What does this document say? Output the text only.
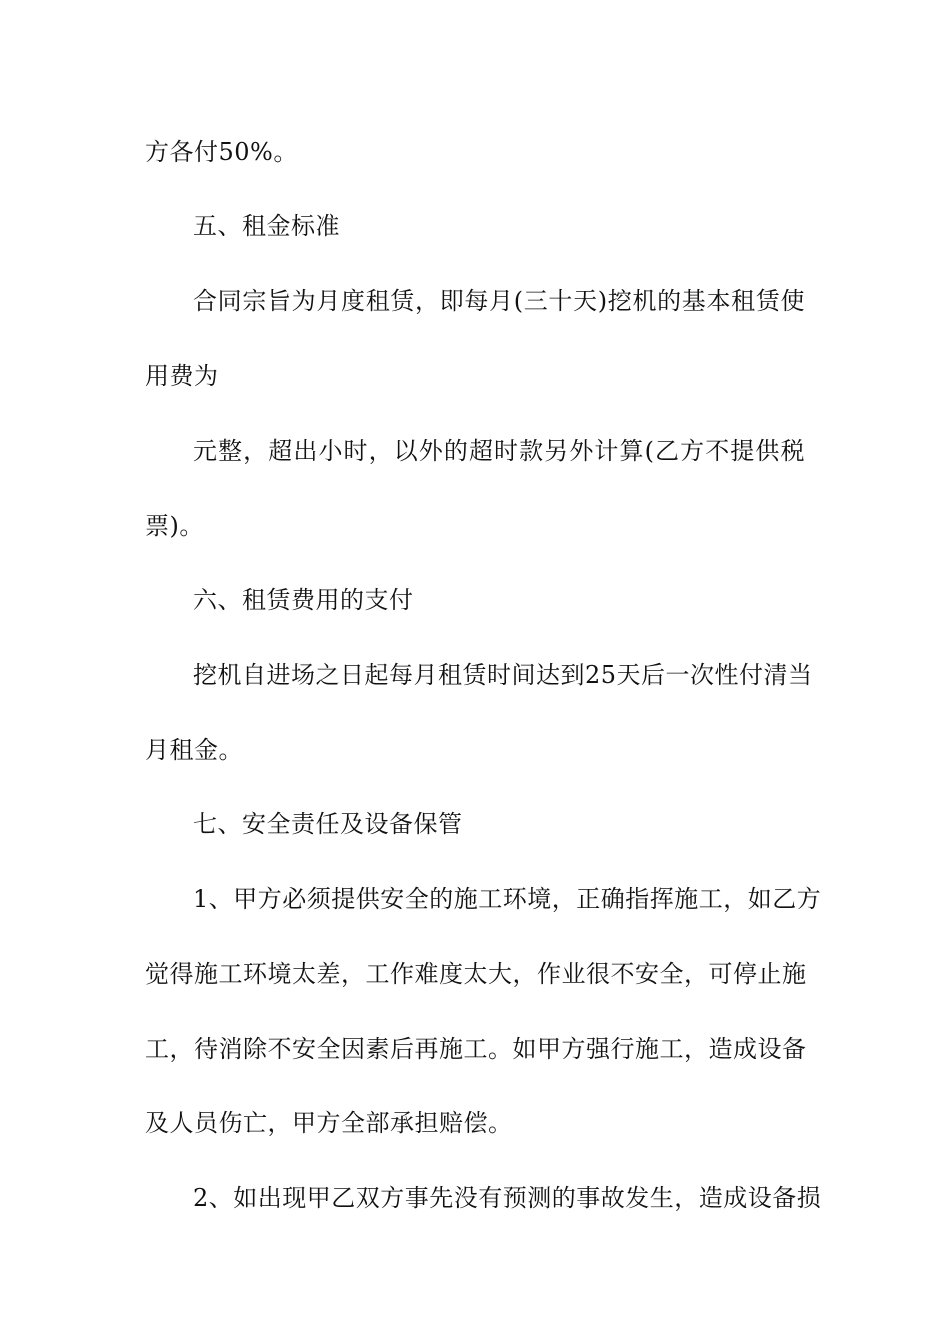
方各付50%。
五、租金标准
合同宗旨为月度租赁，即每月(三十天)挖机的基本租赁使
用费为
元整，超出小时，以外的超时款另外计算(乙方不提供税
票)。
六、租赁费用的支付
挖机自进场之日起每月租赁时间达到25天后一次性付清当
月租金。
七、安全责任及设备保管
1、甲方必须提供安全的施工环境，正确指挥施工，如乙方
觉得施工环境太差，工作难度太大，作业很不安全，可停止施
工，待消除不安全因素后再施工。如甲方强行施工，造成设备
及人员伤亡，甲方全部承担赔偿。
2、如出现甲乙双方事先没有预测的事故发生，造成设备损
